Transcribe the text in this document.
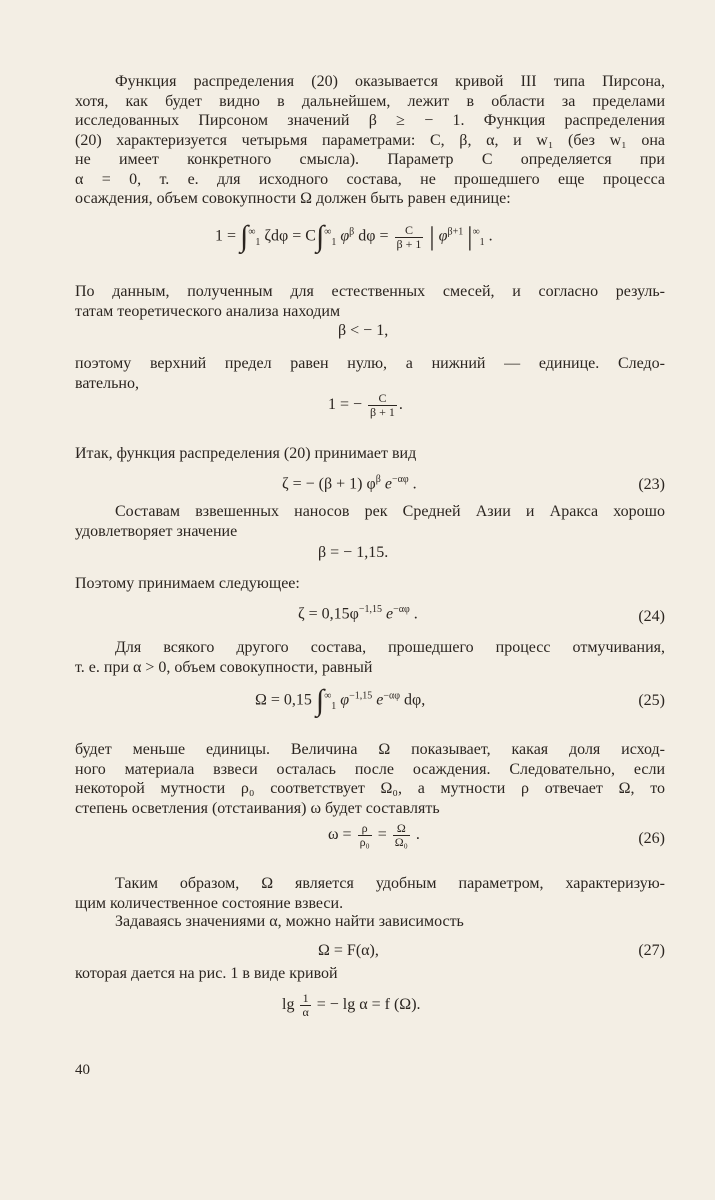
Функция распределения (20) оказывается кривой III типа Пирсона,
хотя, как будет видно в дальнейшем, лежит в области за пределами
исследованных Пирсоном значений β ≥ − 1. Функция распределения
(20) характеризуется четырьмя параметрами: C, β, α, и w₁ (без w₁ она
не имеет конкретного смысла). Параметр C определяется при
α = 0, т. е. для исходного состава, не прошедшего еще процесса
осаждения, объем совокупности Ω должен быть равен единице:
$1 = \int^\infty_1$ $\zeta d\varphi = C\int^\infty_1$ $\varphi^\beta$ $d\varphi = \frac{C}{\beta + 1}$ | $\varphi^{\beta+1}$ $|^\infty_1$ .
По данным, полученным для естественных смесей, и согласно резуль-
татам теоретического анализа находим
β < − 1,
поэтому верхний предел равен нулю, а нижний — единице. Следо-
вательно,
1 = − $\frac{C}{\beta + 1}$ .
Итак, функция распределения (20) принимает вид
ζ = − (β + 1) $\varphi^\beta$ $e^{-\alpha\varphi}$ .	(23)
Составам взвешенных наносов рек Средней Азии и Аракса хорошо
удовлетворяет значение
β = − 1,15.
Поэтому принимаем следующее:
$\zeta = 0,15\varphi^{-1,15}$ $e^{-\alpha\varphi}$ .	(24)
Для всякого другого состава, прошедшего процесс отмучивания,
т. е. при α > 0, объем совокупности, равный
Ω = 0,15 $\int^\infty_1$ $\varphi^{-1,15}$ $e^{-\alpha\varphi}$ dφ,	(25)
будет меньше единицы. Величина Ω показывает, какая доля исход-
ного материала взвеси осталась после осаждения. Следовательно, если
некоторой мутности ρ₀ соответствует Ω₀, а мутности ρ отвечает Ω, то
степень осветления (отстаивания) ω будет составлять
$\omega = \frac{\rho}{\text{ρ₀}} = \frac{\Omega}{\text{Ω₀}}$ .	(26)
Таким образом, Ω является удобным параметром, характеризую-
щим количественное состояние взвеси.
Задаваясь значениями α, можно найти зависимость
Ω = F(α),	(27)
которая дается на рис. 1 в виде кривой
$\lg \frac{1}{\alpha}$ = − lg α = f (Ω).
40
